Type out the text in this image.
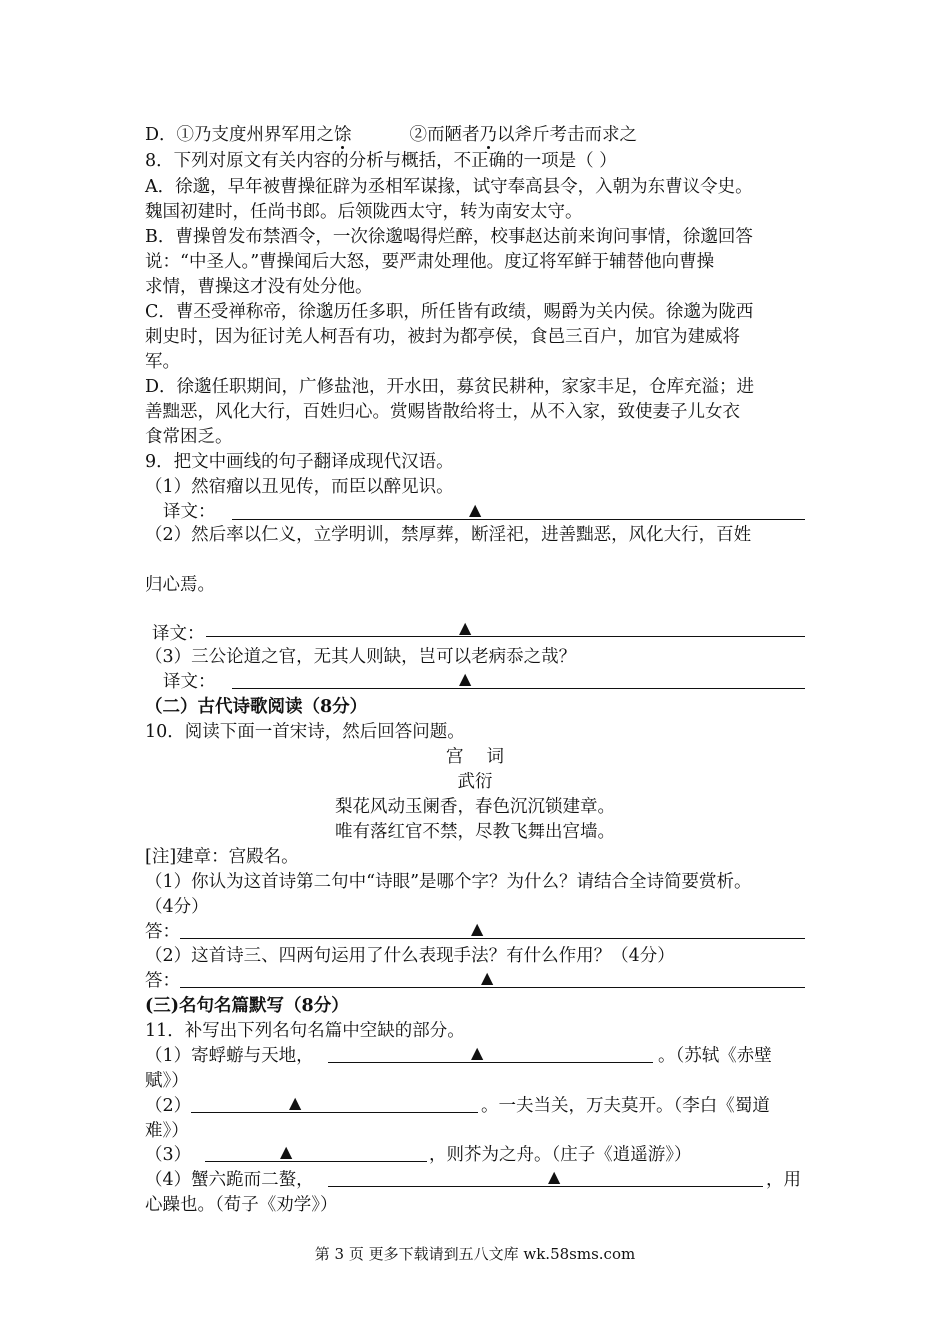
D．①乃支度州界军用之馀	②而陋者乃以斧斤考击而求之
8．下列对原文有关内容的分析与概括，不正确的一项是（ ）
A．徐邈，早年被曹操征辟为丞相军谋掾，试守奉高县令，入朝为东曹议令史。
魏国初建时，任尚书郎。后领陇西太守，转为南安太守。
B．曹操曾发布禁酒令，一次徐邈喝得烂醉，校事赵达前来询问事情，徐邈回答
说：“中圣人。”曹操闻后大怒，要严肃处理他。度辽将军鲜于辅替他向曹操
求情，曹操这才没有处分他。
C．曹丕受禅称帝，徐邈历任多职，所任皆有政绩，赐爵为关内侯。徐邈为陇西
刺史时，因为征讨羌人柯吾有功，被封为都亭侯，食邑三百户，加官为建威将
军。
D．徐邈任职期间，广修盐池，开水田，募贫民耕种，家家丰足，仓库充溢；进
善黜恶，风化大行，百姓归心。赏赐皆散给将士，从不入家，致使妻子儿女衣
食常困乏。
9．把文中画线的句子翻译成现代汉语。
（1）然宿瘤以丑见传，而臣以醉见识。
译文：	▲
（2）然后率以仁义，立学明训，禁厚葬，断淫祀，进善黜恶，风化大行，百姓
归心焉。
译文：	▲
（3）三公论道之官，无其人则缺，岂可以老病忝之哉？
译文：	▲
（二）古代诗歌阅读（8分）
10．阅读下面一首宋诗，然后回答问题。
宫　 词
武衍
梨花风动玉阑香，春色沉沉锁建章。
唯有落红官不禁，尽教飞舞出宫墙。
[注]建章：宫殿名。
（1）你认为这首诗第二句中“诗眼”是哪个字？为什么？请结合全诗简要赏析。
（4分）
答：	▲
（2）这首诗三、四两句运用了什么表现手法？有什么作用？（4分）
答：	▲
(三)名句名篇默写（8分）
11．补写出下列名句名篇中空缺的部分。
（1）寄蜉蝣与天地，	▲	。（苏轼《赤壁
赋》）
（2）	▲	。一夫当关，万夫莫开。（李白《蜀道
难》）
（3）	▲	，则芥为之舟。（庄子《逍遥游》）
（4）蟹六跪而二螯，	▲	，用
心躁也。（荀子《劝学》）
第 3 页 更多下载请到五八文库 wk.58sms.com
